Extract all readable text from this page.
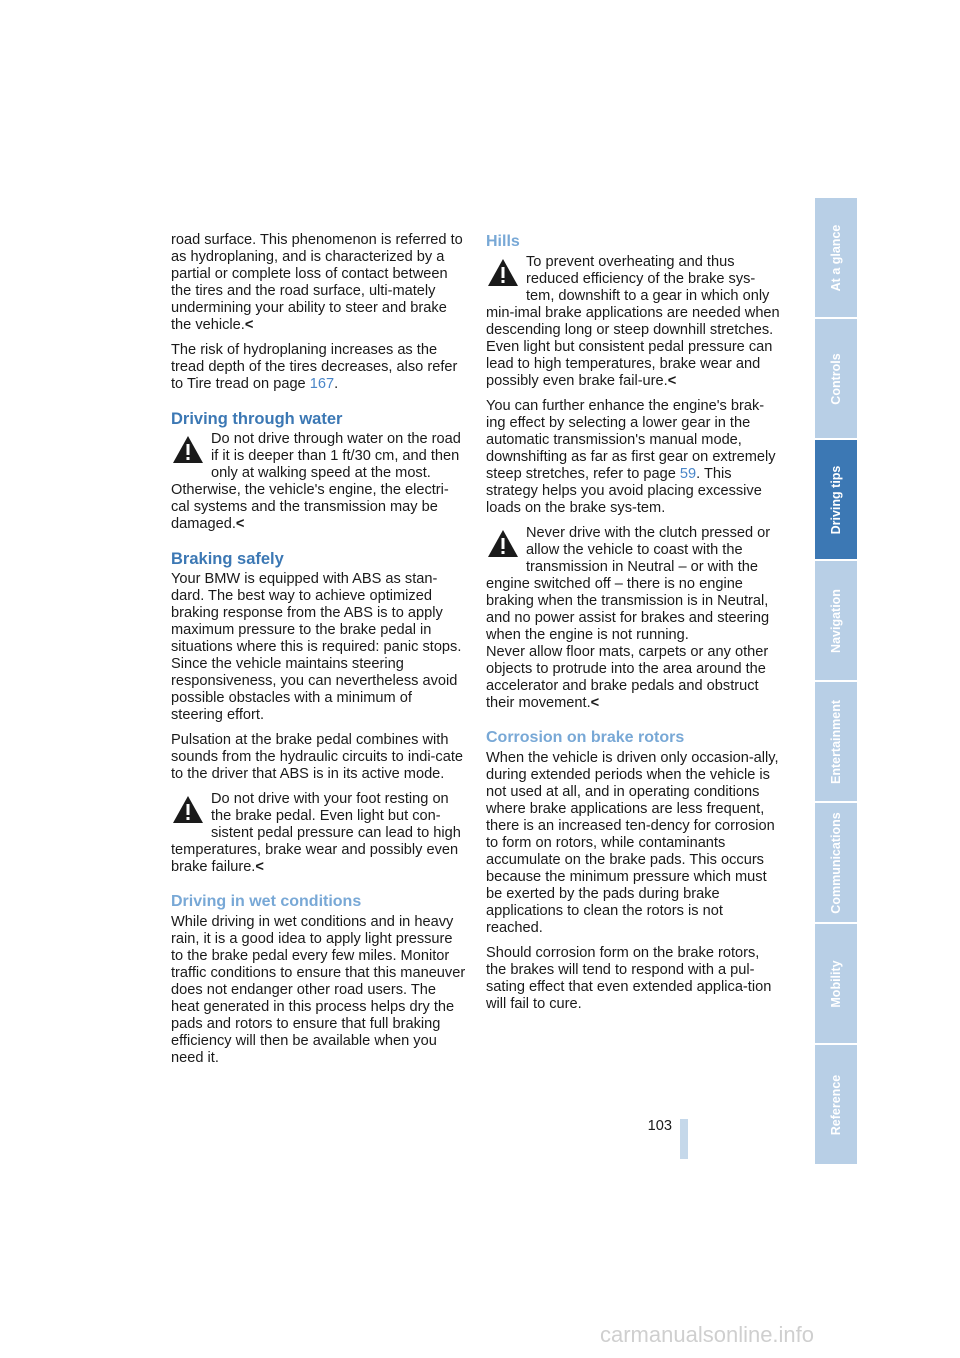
road surface. This phenomenon is referred to as hydroplaning, and is characterized by a partial or complete loss of contact between the tires and the road surface, ulti-mately undermining your ability to steer and brake the vehicle.<

The risk of hydroplaning increases as the tread depth of the tires decreases, also refer to Tire tread on page 167.

Driving through water
Do not drive through water on the road if it is deeper than 1 ft/30 cm, and then only at walking speed at the most. Otherwise, the vehicle's engine, the electri-cal systems and the transmission may be damaged.<
Braking safely

Your BMW is equipped with ABS as stan-dard. The best way to achieve optimized braking response from the ABS is to apply maximum pressure to the brake pedal in situations where this is required: panic stops. Since the vehicle maintains steering responsiveness, you can nevertheless avoid possible obstacles with a minimum of steering effort.

Pulsation at the brake pedal combines with sounds from the hydraulic circuits to indi-cate to the driver that ABS is in its active mode.

Do not drive with your foot resting on the brake pedal. Even light but con-sistent pedal pressure can lead to high temperatures, brake wear and possibly even brake failure.<
Driving in wet conditions

While driving in wet conditions and in heavy rain, it is a good idea to apply light pressure to the brake pedal every few miles. Monitor traffic conditions to ensure that this maneuver does not endanger other road users. The heat generated in this process helps dry the pads and rotors to ensure that full braking efficiency will then be available when you need it.

Hills
To prevent overheating and thus reduced efficiency of the brake sys-tem, downshift to a gear in which only min-imal brake applications are needed when descending long or steep downhill stretches. Even light but consistent pedal pressure can lead to high temperatures, brake wear and possibly even brake fail-ure.<

You can further enhance the engine's brak-ing effect by selecting a lower gear in the automatic transmission's manual mode, downshifting as far as first gear on extremely steep stretches, refer to page 59. This strategy helps you avoid placing excessive loads on the brake sys-tem.

Never drive with the clutch pressed or allow the vehicle to coast with the transmission in Neutral – or with the engine switched off – there is no engine braking when the transmission is in Neutral, and no power assist for brakes and steering when the engine is not running.
Never allow floor mats, carpets or any other objects to protrude into the area around the accelerator and brake pedals and obstruct their movement.<
Corrosion on brake rotors

When the vehicle is driven only occasion-ally, during extended periods when the vehicle is not used at all, and in operating conditions where brake applications are less frequent, there is an increased ten-dency for corrosion to form on rotors, while contaminants accumulate on the brake pads. This occurs because the minimum pressure which must be exerted by the pads during brake applications to clean the rotors is not reached.

Should corrosion form on the brake rotors, the brakes will tend to respond with a pul-sating effect that even extended applica-tion will fail to cure.

At a glance
Controls
Driving tips
Navigation
Entertainment
Communications
Mobility
Reference
103
carmanualsonline.info
